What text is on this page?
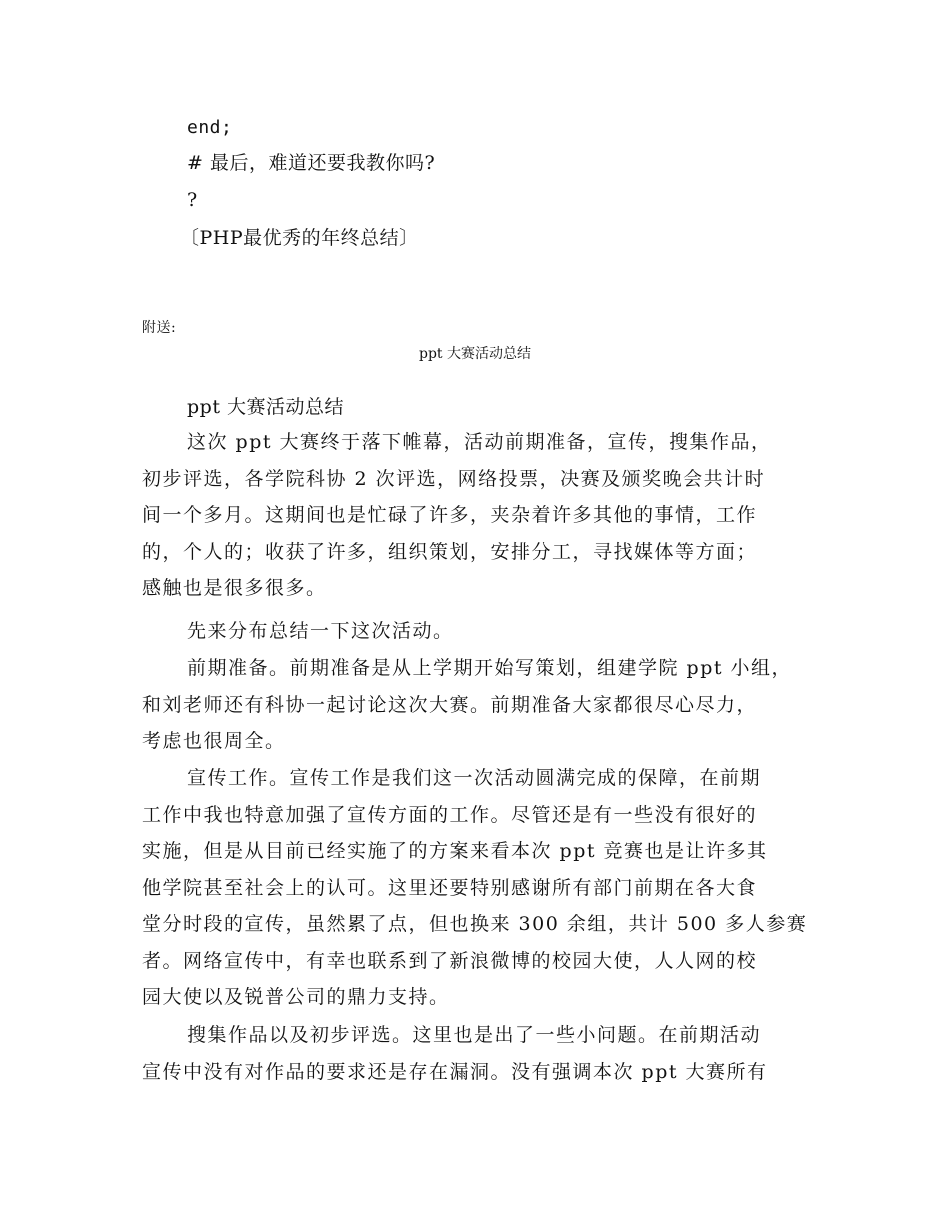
end;
# 最后，难道还要我教你吗?
?
〔PHP最优秀的年终总结〕
附送:
ppt 大赛活动总结
ppt 大赛活动总结
这次 ppt 大赛终于落下帷幕，活动前期准备，宣传，搜集作品，
初步评选，各学院科协 2 次评选，网络投票，决赛及颁奖晚会共计时
间一个多月。这期间也是忙碌了许多，夹杂着许多其他的事情，工作
的，个人的；收获了许多，组织策划，安排分工，寻找媒体等方面；
感触也是很多很多。
先来分布总结一下这次活动。
前期准备。前期准备是从上学期开始写策划，组建学院 ppt 小组，
和刘老师还有科协一起讨论这次大赛。前期准备大家都很尽心尽力，
考虑也很周全。
宣传工作。宣传工作是我们这一次活动圆满完成的保障，在前期
工作中我也特意加强了宣传方面的工作。尽管还是有一些没有很好的
实施，但是从目前已经实施了的方案来看本次 ppt 竞赛也是让许多其
他学院甚至社会上的认可。这里还要特别感谢所有部门前期在各大食
堂分时段的宣传，虽然累了点，但也换来 300 余组，共计 500 多人参赛
者。网络宣传中，有幸也联系到了新浪微博的校园大使，人人网的校
园大使以及锐普公司的鼎力支持。
搜集作品以及初步评选。这里也是出了一些小问题。在前期活动
宣传中没有对作品的要求还是存在漏洞。没有强调本次 ppt 大赛所有
